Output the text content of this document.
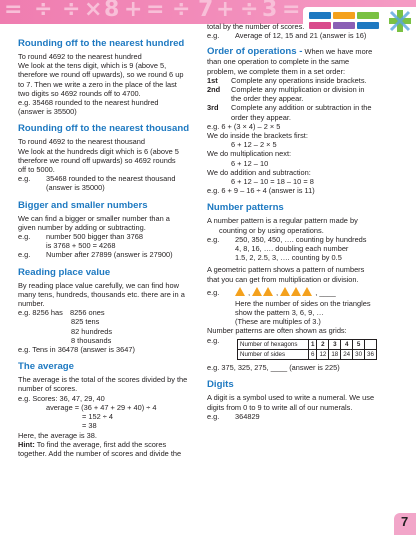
= ÷ ÷ × 8 + = ÷ 7 + ÷ 3 =
Rounding off to the nearest hundred

To round 4692 to the nearest hundred

We look at the tens digit, which is 9 (above 5,

therefore we round off upwards), so we round 6 up

to 7. Then we write a zero in the place of the last

two digits so 4692 rounds off to 4700.

e.g. 35468 rounded to the nearest hundred

(answer is 35500)

Rounding off to the nearest thousand

To round 4692 to the nearest thousand

We look at the hundreds digit which is 6 (above 5

therefore we round off upwards) so 4692 rounds

off to 5000.

e.g.	35468 rounded to the nearest thousand

(answer is 35000)

Bigger and smaller numbers

We can find a bigger or smaller number than a

given number by adding or subtracting.

e.g.	number 500 bigger than 3768

is 3768 + 500 = 4268

e.g.	Number after 27899 (answer is 27900)
Reading place value

By reading place value carefully, we can find how

many tens, hundreds, thousands etc. there are in a

number.

e.g. 8256 has 8256 ones

825 tens

82 hundreds

8 thousands

e.g. Tens in 36478 (answer is 3647)

The average

The average is the total of the scores divided by the

number of scores.

e.g. Scores: 36, 47, 29, 40

average = (36 + 47 + 29 + 40) ÷ 4

= 152 ÷ 4

= 38

Here, the average is 38.

Hint: To find the average, first add the scores

together. Add the number of scores and divide the

total by the number of scores.

e.g.	Average of 12, 15 and 21 (answer is 16)

Order of operations - When we have more

than one operation to complete in the same

problem, we complete them in a set order:

1st	Complete any operations inside brackets.
2nd	Complete any multiplication or division in

the order they appear.

3rd	Complete any addition or subtraction in the

order they appear.

e.g. 6 + (3 × 4) – 2 × 5

We do inside the brackets first:

6 + 12 – 2 × 5

We do multiplication next:

6 + 12 – 10

We do addition and subtraction:

6 + 12 – 10 = 18 – 10 = 8

e.g. 6 + 9 – 16 ÷ 4 (answer is 11)

Number patterns

A number pattern is a regular pattern made by

counting or by using operations.

e.g.	250, 350, 450, …. counting by hundreds

4, 8, 16, …. doubling each number

1.5, 2, 2.5, 3, …. counting by 0.5

A geometric pattern shows a pattern of numbers

that you can get from multiplication or division.

e.g.	,	,	, ____

Here the number of sides on the triangles

show the pattern 3, 6, 9, …

(These are multiples of 3.)

Number patterns are often shown as grids:

e.g.	Number of hexagons	1	2	3	4	5	
Number of sides	6	12	18	24	30	36

e.g. 375, 325, 275, ____ (answer is 225)

Digits

A digit is a symbol used to write a numeral. We use

digits from 0 to 9 to write all of our numerals.

e.g.	364829
7
